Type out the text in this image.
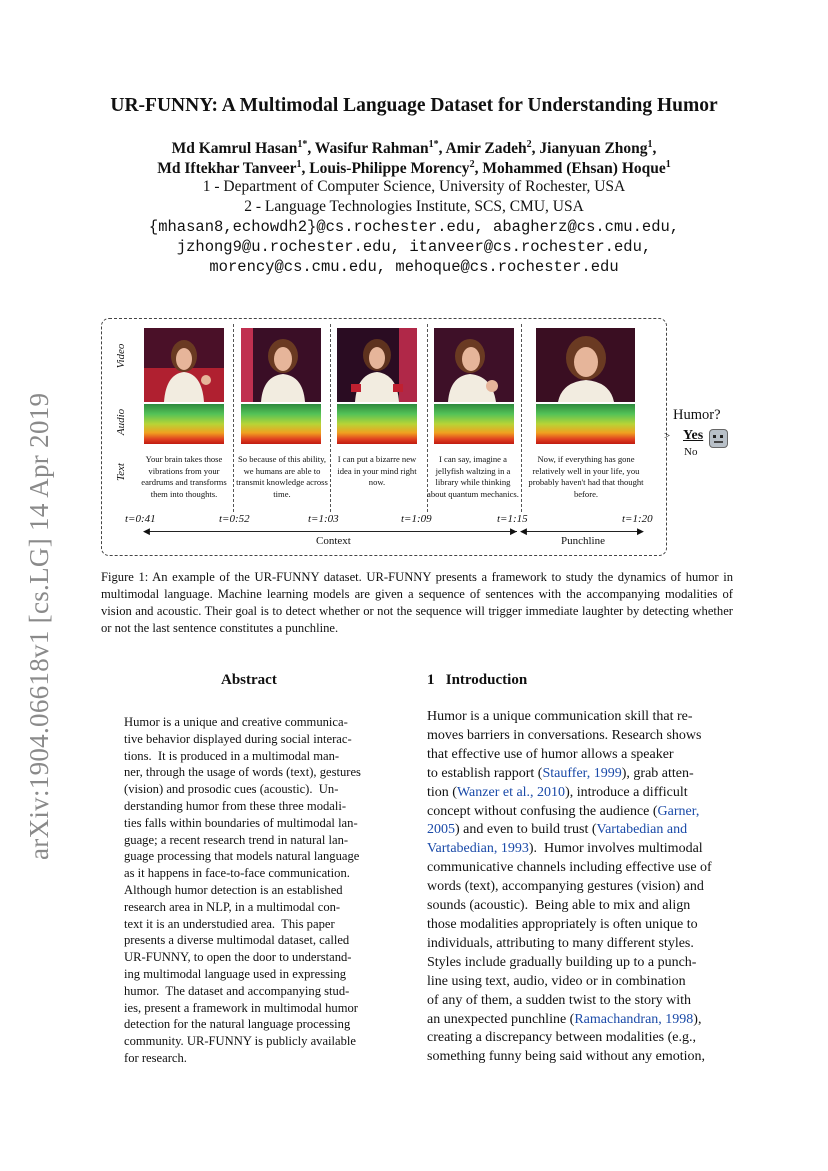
arXiv:1904.06618v1 [cs.LG] 14 Apr 2019
UR-FUNNY: A Multimodal Language Dataset for Understanding Humor
Md Kamrul Hasan$^{1*}$, Wasifur Rahman$^{1*}$, Amir Zadeh$^2$, Jianyuan Zhong$^1$,
Md Iftekhar Tanveer$^1$, Louis-Philippe Morency$^2$, Mohammed (Ehsan) Hoque$^1$
1 - Department of Computer Science, University of Rochester, USA
2 - Language Technologies Institute, SCS, CMU, USA
{mhasan8,echowdh2}@cs.rochester.edu, abagherz@cs.cmu.edu,
jzhong9@u.rochester.edu, itanveer@cs.rochester.edu,
morency@cs.cmu.edu, mehoque@cs.rochester.edu
Video
Audio
Text
Your brain takes those vibrations from your eardrums and transforms them into thoughts.
So because of this ability, we humans are able to transmit knowledge across time.
I can put a bizarre new idea in your mind right now.
I can say, imagine a jellyfish waltzing in a library while thinking about quantum mechanics.
Now, if everything has gone relatively well in your life, you probably haven't had that thought before.
t=0:41	t=0:52	t=1:03	t=1:09	t=1:15	t=1:20
◀	▶ ◀	▶
Context	Punchline
Humor?
> Yes
No
Figure 1: An example of the UR-FUNNY dataset. UR-FUNNY presents a framework to study the dynamics of humor in multimodal language. Machine learning models are given a sequence of sentences with the accompanying modalities of vision and acoustic. Their goal is to detect whether or not the sequence will trigger immediate laughter by detecting whether or not the last sentence constitutes a punchline.
Abstract
Humor is a unique and creative communica-
tive behavior displayed during social interac-
tions.  It is produced in a multimodal man-
ner, through the usage of words (text), gestures
(vision) and prosodic cues (acoustic).  Un-
derstanding humor from these three modali-
ties falls within boundaries of multimodal lan-
guage; a recent research trend in natural lan-
guage processing that models natural language
as it happens in face-to-face communication.
Although humor detection is an established
research area in NLP, in a multimodal con-
text it is an understudied area.  This paper
presents a diverse multimodal dataset, called
UR-FUNNY, to open the door to understand-
ing multimodal language used in expressing
humor.  The dataset and accompanying stud-
ies, present a framework in multimodal humor
detection for the natural language processing
community. UR-FUNNY is publicly available
for research.
1 Introduction
Humor is a unique communication skill that re-
moves barriers in conversations. Research shows
that effective use of humor allows a speaker
to establish rapport (Stauffer, 1999), grab atten-
tion (Wanzer et al., 2010), introduce a difficult
concept without confusing the audience (Garner,
2005) and even to build trust (Vartabedian and
Vartabedian, 1993).  Humor involves multimodal
communicative channels including effective use of
words (text), accompanying gestures (vision) and
sounds (acoustic).  Being able to mix and align
those modalities appropriately is often unique to
individuals, attributing to many different styles.
Styles include gradually building up to a punch-
line using text, audio, video or in combination
of any of them, a sudden twist to the story with
an unexpected punchline (Ramachandran, 1998),
creating a discrepancy between modalities (e.g.,
something funny being said without any emotion,
